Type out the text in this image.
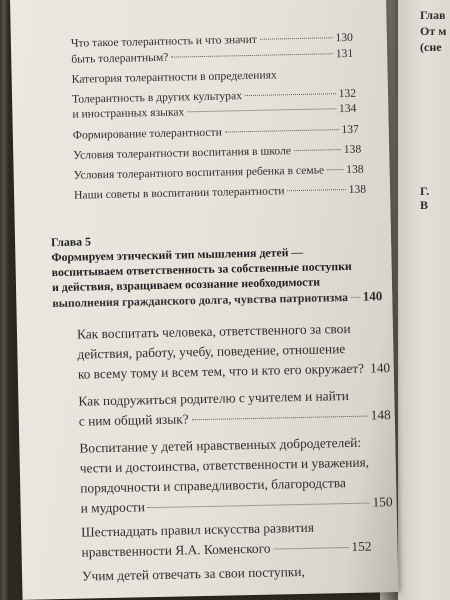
Глав
От м
(сне
Г.
В
Что такое толерантность и что значит	130
быть толерантным?	131
Категория толерантности в определениях
Толерантность в других культурах	132
и иностранных языках	134
Формирование толерантности	137
Условия толерантности воспитания в школе	138
Условия толерантного воспитания ребенка в семье 138
Наши советы в воспитании толерантности	138
Глава 5
Формируем этический тип мышления детей —
воспитываем ответственность за собственные поступки
и действия, взращиваем осознание необходимости
выполнения гражданского долга, чувства патриотизма 140
Как воспитать человека, ответственного за свои
действия, работу, учебу, поведение, отношение
ко всему тому и всем тем, что и кто его окружает? 140
Как подружиться родителю с учителем и найти
с ним общий язык?	148
Воспитание у детей нравственных добродетелей:
чести и достоинства, ответственности и уважения,
порядочности и справедливости, благородства
и мудрости	150
Шестнадцать правил искусства развития
нравственности Я.А. Коменского	152
Учим детей отвечать за свои поступки,
